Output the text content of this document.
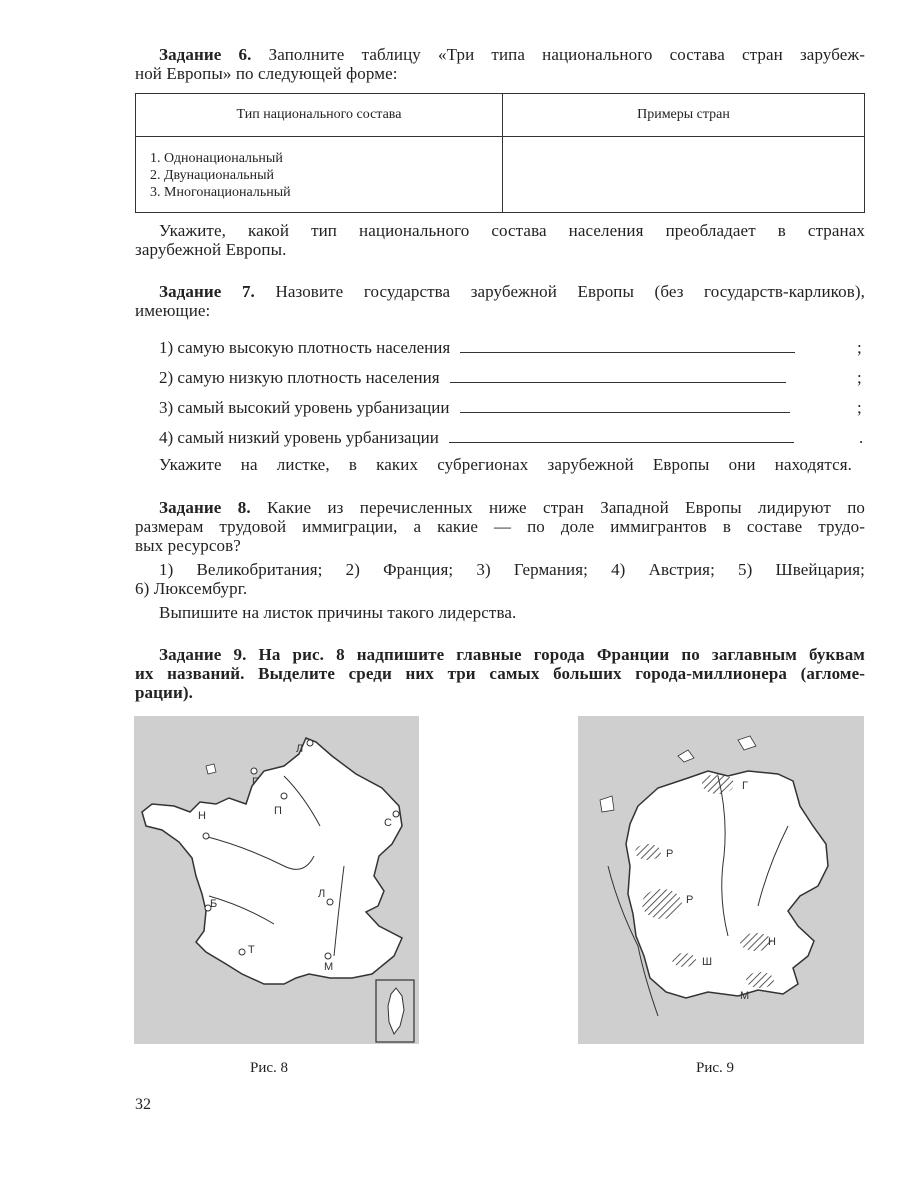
Задание 6. Заполните таблицу «Три типа национального состава стран зарубеж-
ной Европы» по следующей форме:
Тип национального состава	Примеры стран

1. Однонациональный
2. Двунациональный
3. Многонациональный	

Укажите, какой тип национального состава населения преобладает в странах
зарубежной Европы.
Задание 7. Назовите государства зарубежной Европы (без государств-карликов),
имеющие:
1) самую высокую плотность населения	;
2) самую низкую плотность населения	;
3) самый высокий уровень урбанизации	;
4) самый низкий уровень урбанизации	.
Укажите на листке, в каких субрегионах зарубежной Европы они находятся.
Задание 8. Какие из перечисленных ниже стран Западной Европы лидируют по
размерам трудовой иммиграции, а какие — по доле иммигрантов в составе трудо-
вых ресурсов?
1) Великобритания; 2) Франция; 3) Германия; 4) Австрия; 5) Швейцария;
6) Люксембург.
Выпишите на листок причины такого лидерства.
Задание 9. На рис. 8 надпишите главные города Франции по заглавным буквам
их названий. Выделите среди них три самых больших города-миллионера (агломе-
рации).
Л
Г
Н	П
С
Б
Л
Т
М
Рис. 8
Г
Р
Р
Н
Ш
М
Рис. 9
32
